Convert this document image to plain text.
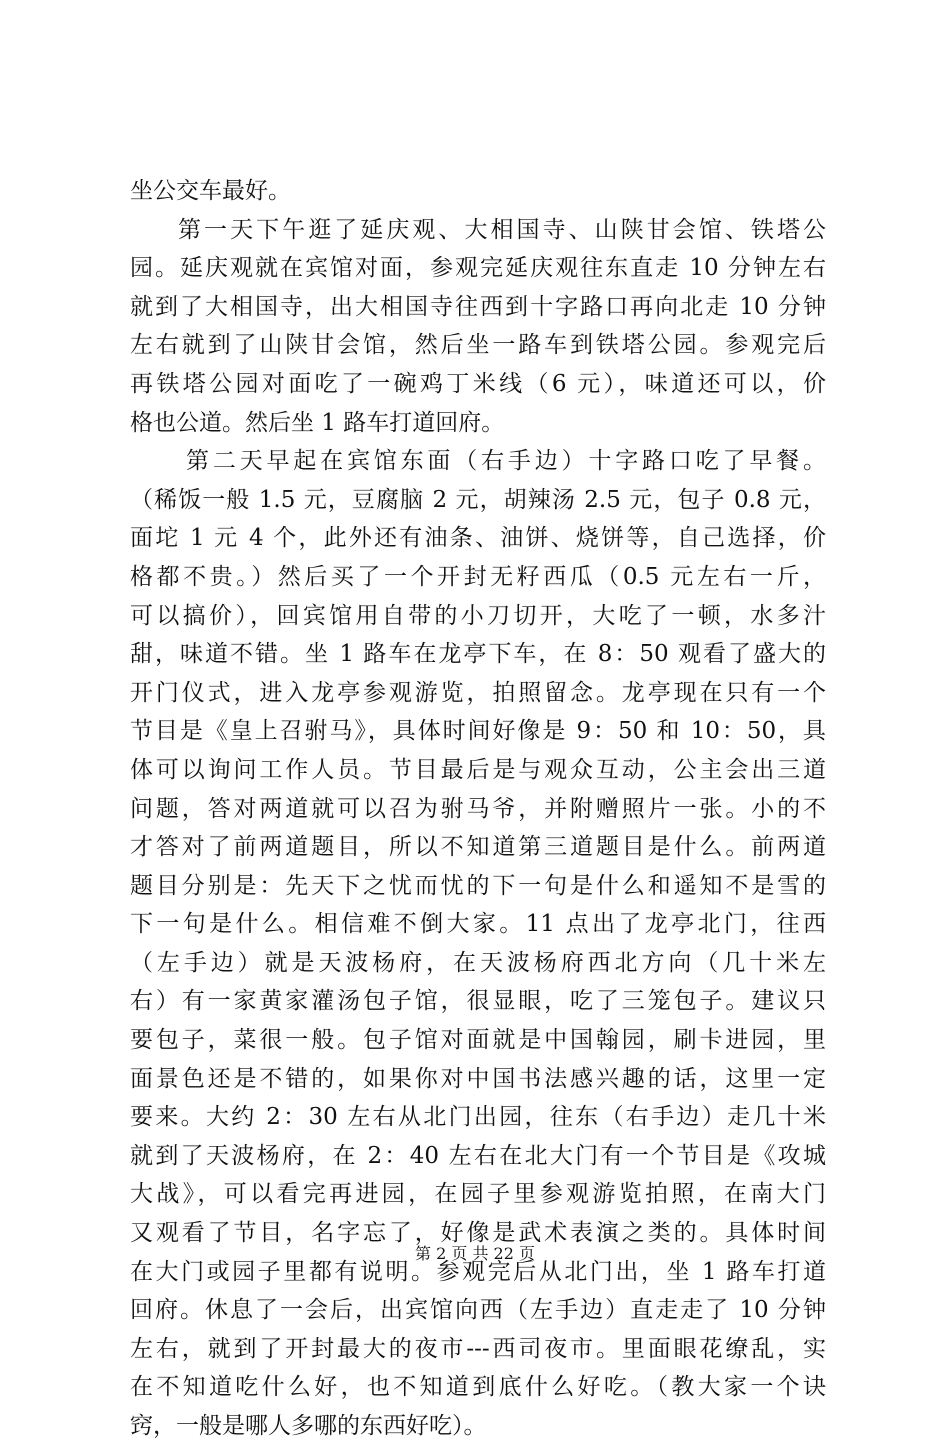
坐公交车最好。
第一天下午逛了延庆观、大相国寺、山陕甘会馆、铁塔公
园。延庆观就在宾馆对面，参观完延庆观往东直走 10 分钟左右
就到了大相国寺，出大相国寺往西到十字路口再向北走 10 分钟
左右就到了山陕甘会馆，然后坐一路车到铁塔公园。参观完后
再铁塔公园对面吃了一碗鸡丁米线（6 元），味道还可以，价
格也公道。然后坐 1 路车打道回府。
第二天早起在宾馆东面（右手边）十字路口吃了早餐。
（稀饭一般 1.5 元，豆腐脑 2 元，胡辣汤 2.5 元，包子 0.8 元，
面坨 1 元 4 个，此外还有油条、油饼、烧饼等，自己选择，价
格都不贵。）然后买了一个开封无籽西瓜（0.5 元左右一斤，
可以搞价），回宾馆用自带的小刀切开，大吃了一顿，水多汁
甜，味道不错。坐 1 路车在龙亭下车，在 8：50 观看了盛大的
开门仪式，进入龙亭参观游览，拍照留念。龙亭现在只有一个
节目是《皇上召驸马》，具体时间好像是 9：50 和 10：50，具
体可以询问工作人员。节目最后是与观众互动，公主会出三道
问题，答对两道就可以召为驸马爷，并附赠照片一张。小的不
才答对了前两道题目，所以不知道第三道题目是什么。前两道
题目分别是：先天下之忧而忧的下一句是什么和遥知不是雪的
下一句是什么。相信难不倒大家。11 点出了龙亭北门，往西
（左手边）就是天波杨府，在天波杨府西北方向（几十米左
右）有一家黄家灌汤包子馆，很显眼，吃了三笼包子。建议只
要包子，菜很一般。包子馆对面就是中国翰园，刷卡进园，里
面景色还是不错的，如果你对中国书法感兴趣的话，这里一定
要来。大约 2：30 左右从北门出园，往东（右手边）走几十米
就到了天波杨府，在 2：40 左右在北大门有一个节目是《攻城
大战》，可以看完再进园，在园子里参观游览拍照，在南大门
又观看了节目，名字忘了，好像是武术表演之类的。具体时间
在大门或园子里都有说明。参观完后从北门出，坐 1 路车打道
回府。休息了一会后，出宾馆向西（左手边）直走走了 10 分钟
左右，就到了开封最大的夜市---西司夜市。里面眼花缭乱，实
在不知道吃什么好，也不知道到底什么好吃。（教大家一个诀
窍，一般是哪人多哪的东西好吃）。
第 2 页 共 22 页
